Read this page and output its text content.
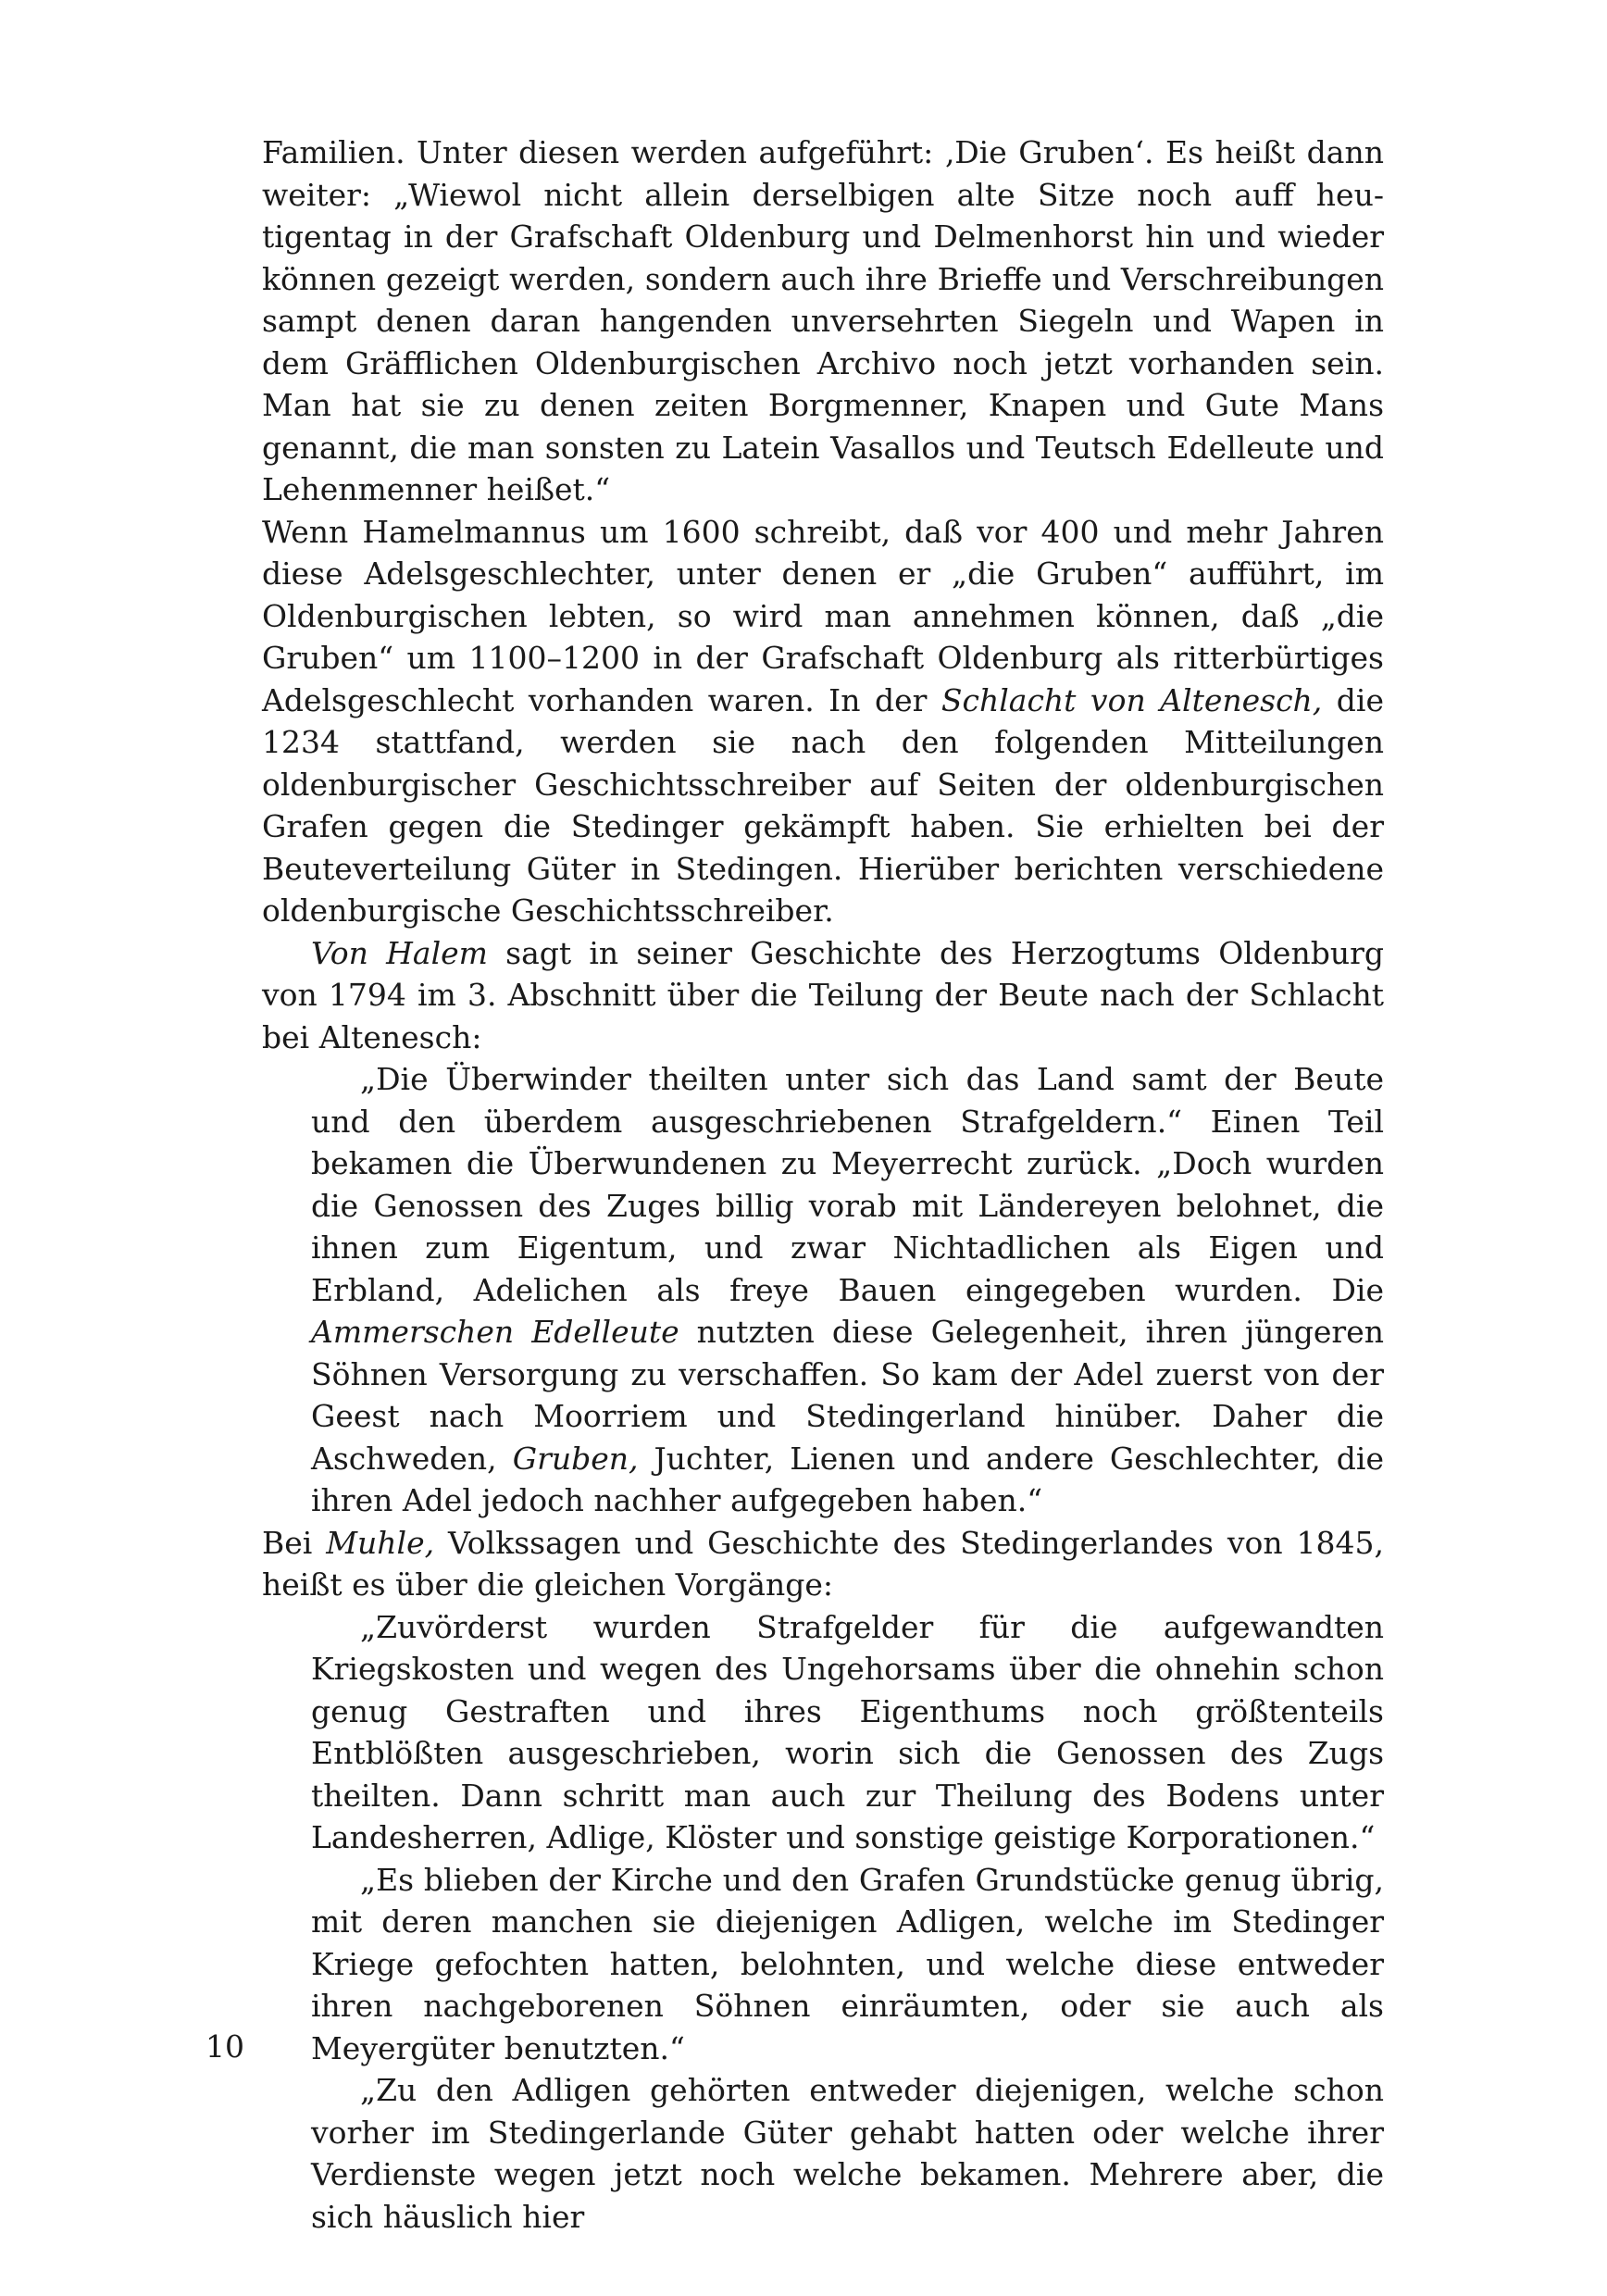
Familien. Unter diesen werden aufgeführt: ‚Die Gruben‘. Es heißt dann weiter: „Wiewol nicht allein derselbigen alte Sitze noch auff heutigentag in der Grafschaft Oldenburg und Delmenhorst hin und wieder können gezeigt werden, sondern auch ihre Brieffe und Verschreibungen sampt denen daran hangenden unversehrten Siegeln und Wapen in dem Gräfflichen Oldenburgischen Archivo noch jetzt vorhanden sein. Man hat sie zu denen zeiten Borgmenner, Knapen und Gute Mans genannt, die man sonsten zu Latein Vasallos und Teutsch Edelleute und Lehenmenner heißet.“

Wenn Hamelmannus um 1600 schreibt, daß vor 400 und mehr Jahren diese Adelsgeschlechter, unter denen er „die Gruben“ aufführt, im Oldenburgischen lebten, so wird man annehmen können, daß „die Gruben“ um 1100–1200 in der Grafschaft Oldenburg als ritterbürtiges Adelsgeschlecht vorhanden waren. In der Schlacht von Altenesch, die 1234 stattfand, werden sie nach den folgenden Mitteilungen oldenburgischer Geschichtsschreiber auf Seiten der oldenburgischen Grafen gegen die Stedinger gekämpft haben. Sie erhielten bei der Beuteverteilung Güter in Stedingen. Hierüber berichten verschiedene oldenburgische Geschichtsschreiber.

Von Halem sagt in seiner Geschichte des Herzogtums Oldenburg von 1794 im 3. Abschnitt über die Teilung der Beute nach der Schlacht bei Altenesch:

„Die Überwinder theilten unter sich das Land samt der Beute und den überdem ausgeschriebenen Strafgeldern.“ Einen Teil bekamen die Überwundenen zu Meyerrecht zurück. „Doch wurden die Genossen des Zuges billig vorab mit Ländereyen belohnet, die ihnen zum Eigentum, und zwar Nichtadlichen als Eigen und Erbland, Adelichen als freye Bauen eingegeben wurden. Die Ammerschen Edelleute nutzten diese Gelegenheit, ihren jüngeren Söhnen Versorgung zu verschaffen. So kam der Adel zuerst von der Geest nach Moorriem und Stedingerland hinüber. Daher die Aschweden, Gruben, Juchter, Lienen und andere Geschlechter, die ihren Adel jedoch nachher aufgegeben haben.“

Bei Muhle, Volkssagen und Geschichte des Stedingerlandes von 1845, heißt es über die gleichen Vorgänge:

„Zuvörderst wurden Strafgelder für die aufgewandten Kriegskosten und wegen des Ungehorsams über die ohnehin schon genug Gestraften und ihres Eigenthums noch größtenteils Entblößten ausgeschrieben, worin sich die Genossen des Zugs theilten. Dann schritt man auch zur Theilung des Bodens unter Landesherren, Adlige, Klöster und sonstige geistige Korporationen.“

„Es blieben der Kirche und den Grafen Grundstücke genug übrig, mit deren manchen sie diejenigen Adligen, welche im Stedinger Kriege gefochten hatten, belohnten, und welche diese entweder ihren nachgeborenen Söhnen einräumten, oder sie auch als Meyergüter benutzten.“

„Zu den Adligen gehörten entweder diejenigen, welche schon vorher im Stedingerlande Güter gehabt hatten oder welche ihrer Verdienste wegen jetzt noch welche bekamen. Mehrere aber, die sich häuslich hier

10
